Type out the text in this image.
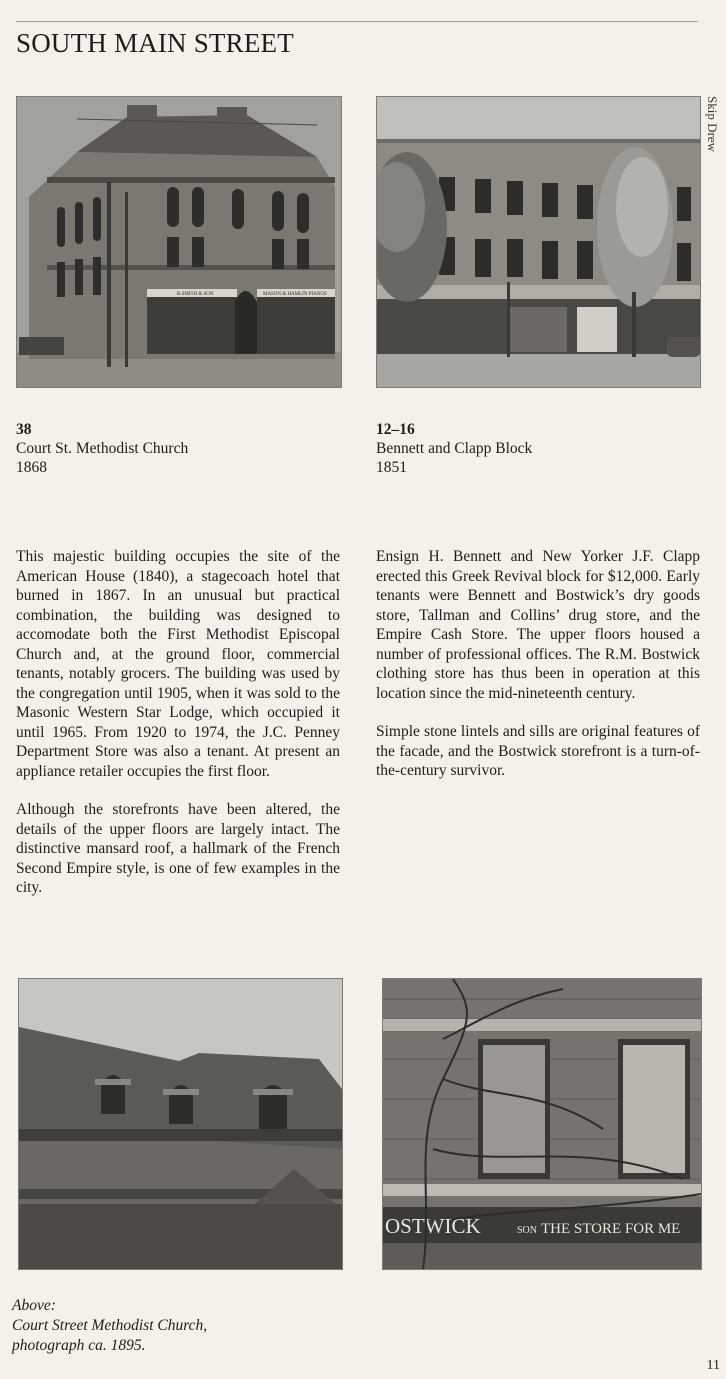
SOUTH MAIN STREET
B.SMITH & SON	MASON & HAMLIN PIANOS
Skip Drew
38
Court St. Methodist Church
1868
12–16
Bennett and Clapp Block
1851

This majestic building occupies the site of the American House (1840), a stagecoach hotel that burned in 1867. In an unusual but practical combination, the building was designed to accomodate both the First Methodist Episcopal Church and, at the ground floor, commercial tenants, notably grocers. The building was used by the congregation until 1905, when it was sold to the Masonic Western Star Lodge, which occupied it until 1965. From 1920 to 1974, the J.C. Penney Department Store was also a tenant. At present an appliance retailer occupies the first floor.

Although the storefronts have been altered, the details of the upper floors are largely intact. The distinctive mansard roof, a hallmark of the French Second Empire style, is one of few examples in the city.

Ensign H. Bennett and New Yorker J.F. Clapp erected this Greek Revival block for $12,000. Early tenants were Bennett and Bostwick’s dry goods store, Tallman and Collins’ drug store, and the Empire Cash Store. The upper floors housed a number of professional offices. The R.M. Bostwick clothing store has thus been in operation at this location since the mid-nineteenth century.

Simple stone lintels and sills are original features of the facade, and the Bostwick storefront is a turn-of-the-century survivor.

OSTWICK	SON THE STORE FOR ME
Above:
Court Street Methodist Church,
photograph ca. 1895.
11
